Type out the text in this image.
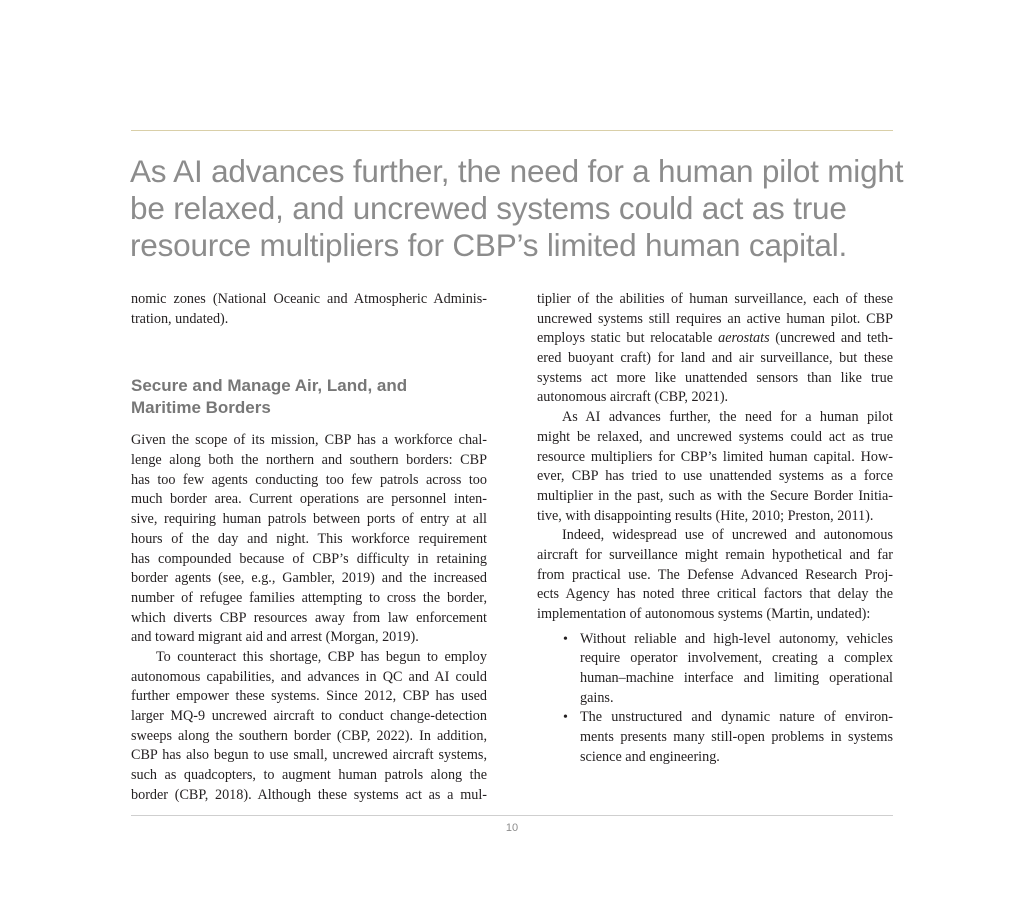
As AI advances further, the need for a human pilot might
be relaxed, and uncrewed systems could act as true
resource multipliers for CBP’s limited human capital.
nomic zones (National Oceanic and Atmospheric Adminis-
tration, undated).
Secure and Manage Air, Land, and
Maritime Borders
Given the scope of its mission, CBP has a workforce chal-
lenge along both the northern and southern borders: CBP
has too few agents conducting too few patrols across too
much border area. Current operations are personnel inten-
sive, requiring human patrols between ports of entry at all
hours of the day and night. This workforce requirement
has compounded because of CBP’s difficulty in retaining
border agents (see, e.g., Gambler, 2019) and the increased
number of refugee families attempting to cross the border,
which diverts CBP resources away from law enforcement
and toward migrant aid and arrest (Morgan, 2019).
To counteract this shortage, CBP has begun to employ
autonomous capabilities, and advances in QC and AI could
further empower these systems. Since 2012, CBP has used
larger MQ-9 uncrewed aircraft to conduct change-detection
sweeps along the southern border (CBP, 2022). In addition,
CBP has also begun to use small, uncrewed aircraft systems,
such as quadcopters, to augment human patrols along the
border (CBP, 2018). Although these systems act as a mul-
tiplier of the abilities of human surveillance, each of these
uncrewed systems still requires an active human pilot. CBP
employs static but relocatable aerostats (uncrewed and teth-
ered buoyant craft) for land and air surveillance, but these
systems act more like unattended sensors than like true
autonomous aircraft (CBP, 2021).
As AI advances further, the need for a human pilot
might be relaxed, and uncrewed systems could act as true
resource multipliers for CBP’s limited human capital. How-
ever, CBP has tried to use unattended systems as a force
multiplier in the past, such as with the Secure Border Initia-
tive, with disappointing results (Hite, 2010; Preston, 2011).
Indeed, widespread use of uncrewed and autonomous
aircraft for surveillance might remain hypothetical and far
from practical use. The Defense Advanced Research Proj-
ects Agency has noted three critical factors that delay the
implementation of autonomous systems (Martin, undated):
• Without reliable and high-level autonomy, vehicles
require operator involvement, creating a complex
human–machine interface and limiting operational
gains.
• The unstructured and dynamic nature of environ-
ments presents many still-open problems in systems
science and engineering.
10
